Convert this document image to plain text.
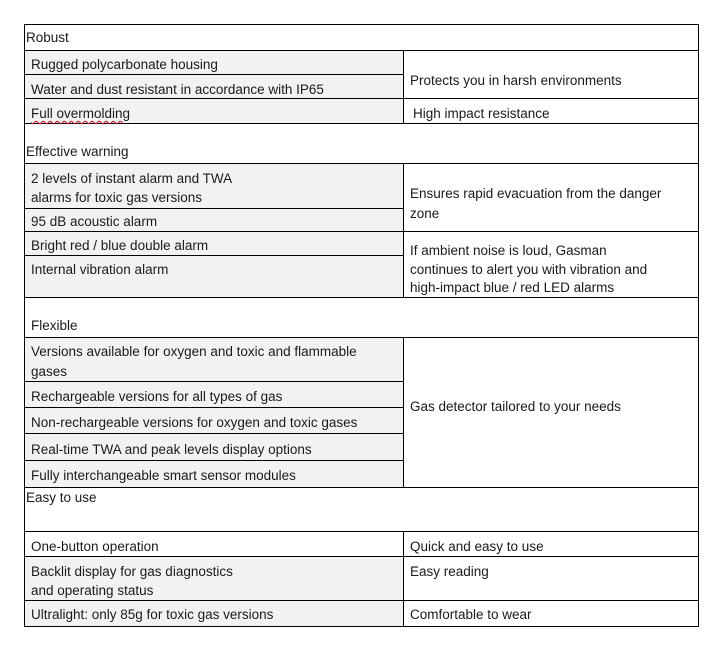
Robust
Rugged polycarbonate housing
Water and dust resistant in accordance with IP65
Full overmolding
Protects you in harsh environments
High impact resistance
Effective warning
2 levels of instant alarm and TWA
alarms for toxic gas versions
95 dB acoustic alarm
Bright red / blue double alarm
Internal vibration alarm
Ensures rapid evacuation from the danger
zone
If ambient noise is loud, Gasman
continues to alert you with vibration and
high-impact blue / red LED alarms
Flexible
Versions available for oxygen and toxic and flammable
gases
Rechargeable versions for all types of gas
Non-rechargeable versions for oxygen and toxic gases
Real-time TWA and peak levels display options
Fully interchangeable smart sensor modules
Gas detector tailored to your needs
Easy to use
One-button operation
Backlit display for gas diagnostics
and operating status
Ultralight: only 85g for toxic gas versions
Quick and easy to use
Easy reading
Comfortable to wear
